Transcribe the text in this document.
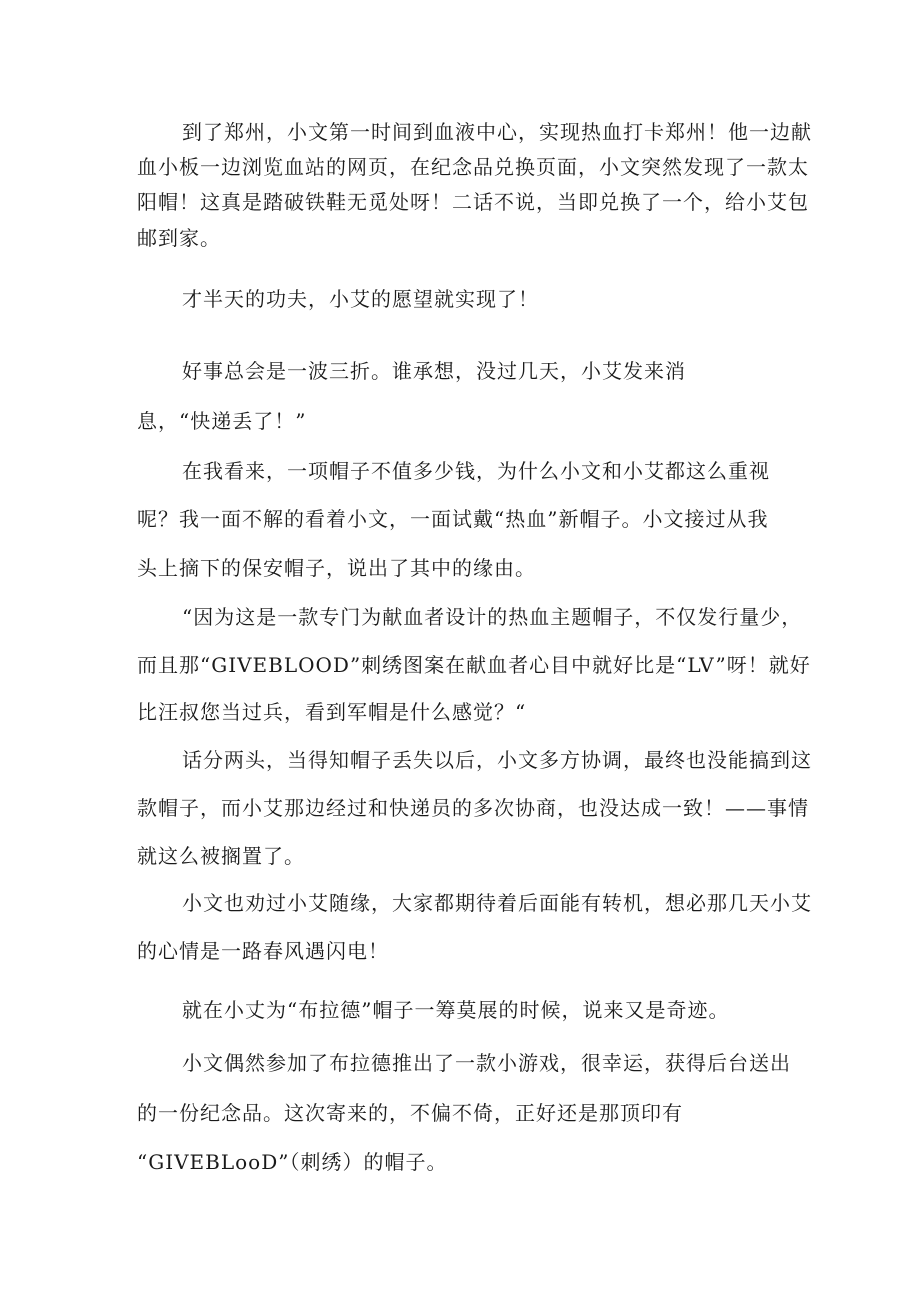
到了郑州，小文第一时间到血液中心，实现热血打卡郑州！他一边献
血小板一边浏览血站的网页，在纪念品兑换页面，小文突然发现了一款太
阳帽！这真是踏破铁鞋无觅处呀！二话不说，当即兑换了一个，给小艾包
邮到家。
才半天的功夫，小艾的愿望就实现了！
好事总会是一波三折。谁承想，没过几天，小艾发来消
息，“快递丢了！”
在我看来，一项帽子不值多少钱，为什么小文和小艾都这么重视
呢？我一面不解的看着小文，一面试戴“热血”新帽子。小文接过从我
头上摘下的保安帽子，说出了其中的缘由。
“因为这是一款专门为献血者设计的热血主题帽子，不仅发行量少，
而且那“GIVEBLOOD”刺绣图案在献血者心目中就好比是“LV”呀！就好
比汪叔您当过兵，看到军帽是什么感觉？“
话分两头，当得知帽子丢失以后，小文多方协调，最终也没能搞到这
款帽子，而小艾那边经过和快递员的多次协商，也没达成一致！——事情
就这么被搁置了。
小文也劝过小艾随缘，大家都期待着后面能有转机，想必那几天小艾
的心情是一路春风遇闪电！
就在小丈为“布拉德”帽子一筹莫展的时候，说来又是奇迹。
小文偶然参加了布拉德推出了一款小游戏，很幸运，获得后台送出
的一份纪念品。这次寄来的，不偏不倚，正好还是那顶印有
“GIVEBLooD”（刺绣）的帽子。
